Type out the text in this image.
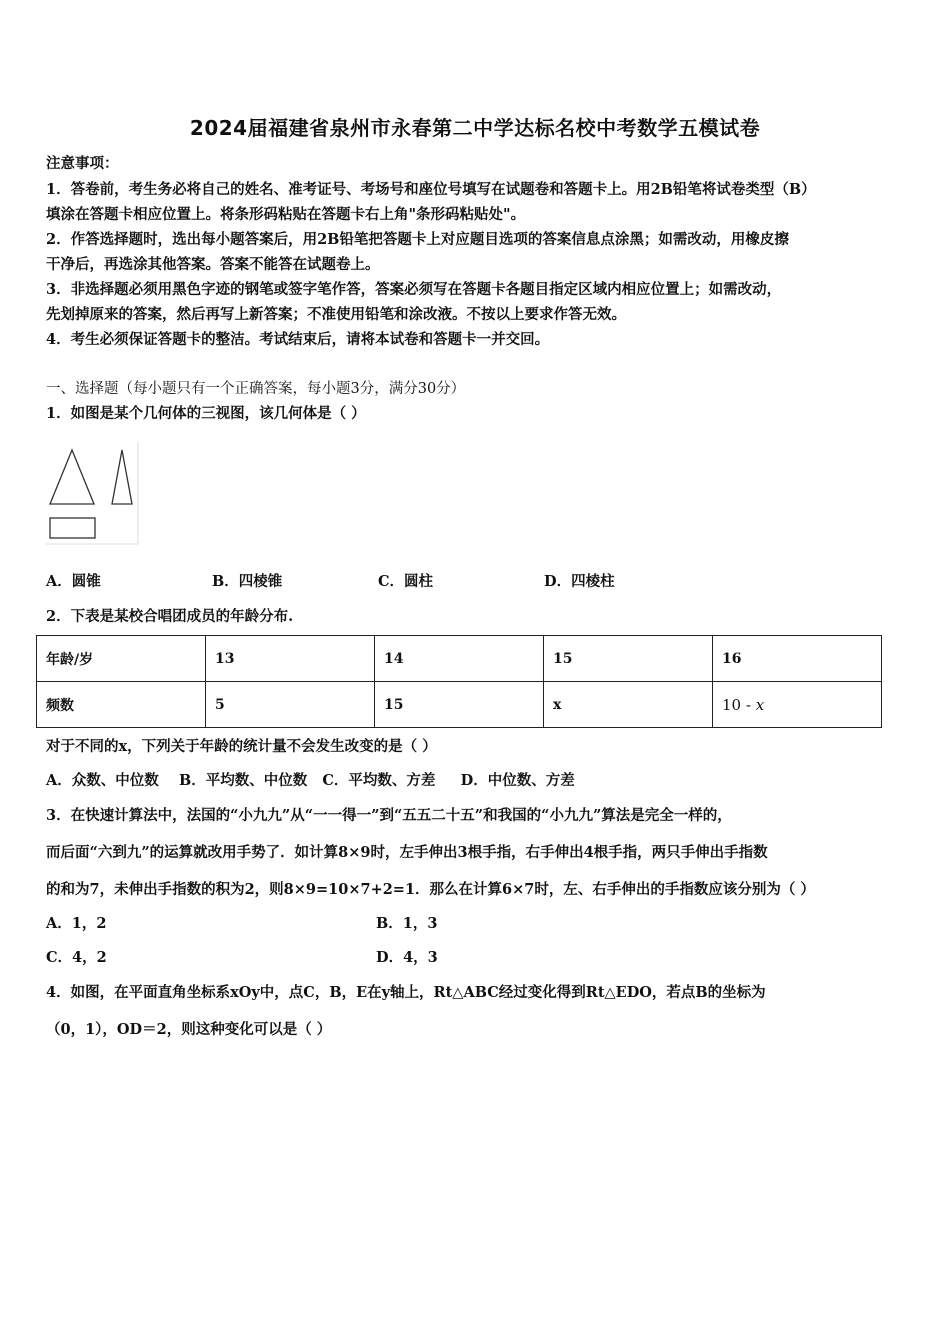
2024届福建省泉州市永春第二中学达标名校中考数学五模试卷
注意事项：
1．答卷前，考生务必将自己的姓名、准考证号、考场号和座位号填写在试题卷和答题卡上。用2B铅笔将试卷类型（B）
填涂在答题卡相应位置上。将条形码粘贴在答题卡右上角"条形码粘贴处"。
2．作答选择题时，选出每小题答案后，用2B铅笔把答题卡上对应题目选项的答案信息点涂黑；如需改动，用橡皮擦
干净后，再选涂其他答案。答案不能答在试题卷上。
3．非选择题必须用黑色字迹的钢笔或签字笔作答，答案必须写在答题卡各题目指定区域内相应位置上；如需改动，
先划掉原来的答案，然后再写上新答案；不准使用铅笔和涂改液。不按以上要求作答无效。
4．考生必须保证答题卡的整洁。考试结束后，请将本试卷和答题卡一并交回。
一、选择题（每小题只有一个正确答案，每小题3分，满分30分）
1．如图是某个几何体的三视图，该几何体是（ ）
A．圆锥	B．四棱锥	C．圆柱	D．四棱柱
2．下表是某校合唱团成员的年龄分布.
年龄/岁	13	14	15	16
频数	5	15	x	10 - x
对于不同的x，下列关于年龄的统计量不会发生改变的是（ ）
A．众数、中位数    B．平均数、中位数   C．平均数、方差     D．中位数、方差
3．在快速计算法中，法国的“小九九”从“一一得一”到“五五二十五”和我国的“小九九”算法是完全一样的，
而后面“六到九”的运算就改用手势了．如计算8×9时，左手伸出3根手指，右手伸出4根手指，两只手伸出手指数
的和为7，未伸出手指数的积为2，则8×9=10×7+2=1．那么在计算6×7时，左、右手伸出的手指数应该分别为（ ）
A．1，2	B．1，3
C．4，2	D．4，3
4．如图，在平面直角坐标系xOy中，点C，B，E在y轴上，Rt△ABC经过变化得到Rt△EDO，若点B的坐标为
（0，1），OD＝2，则这种变化可以是（ ）
